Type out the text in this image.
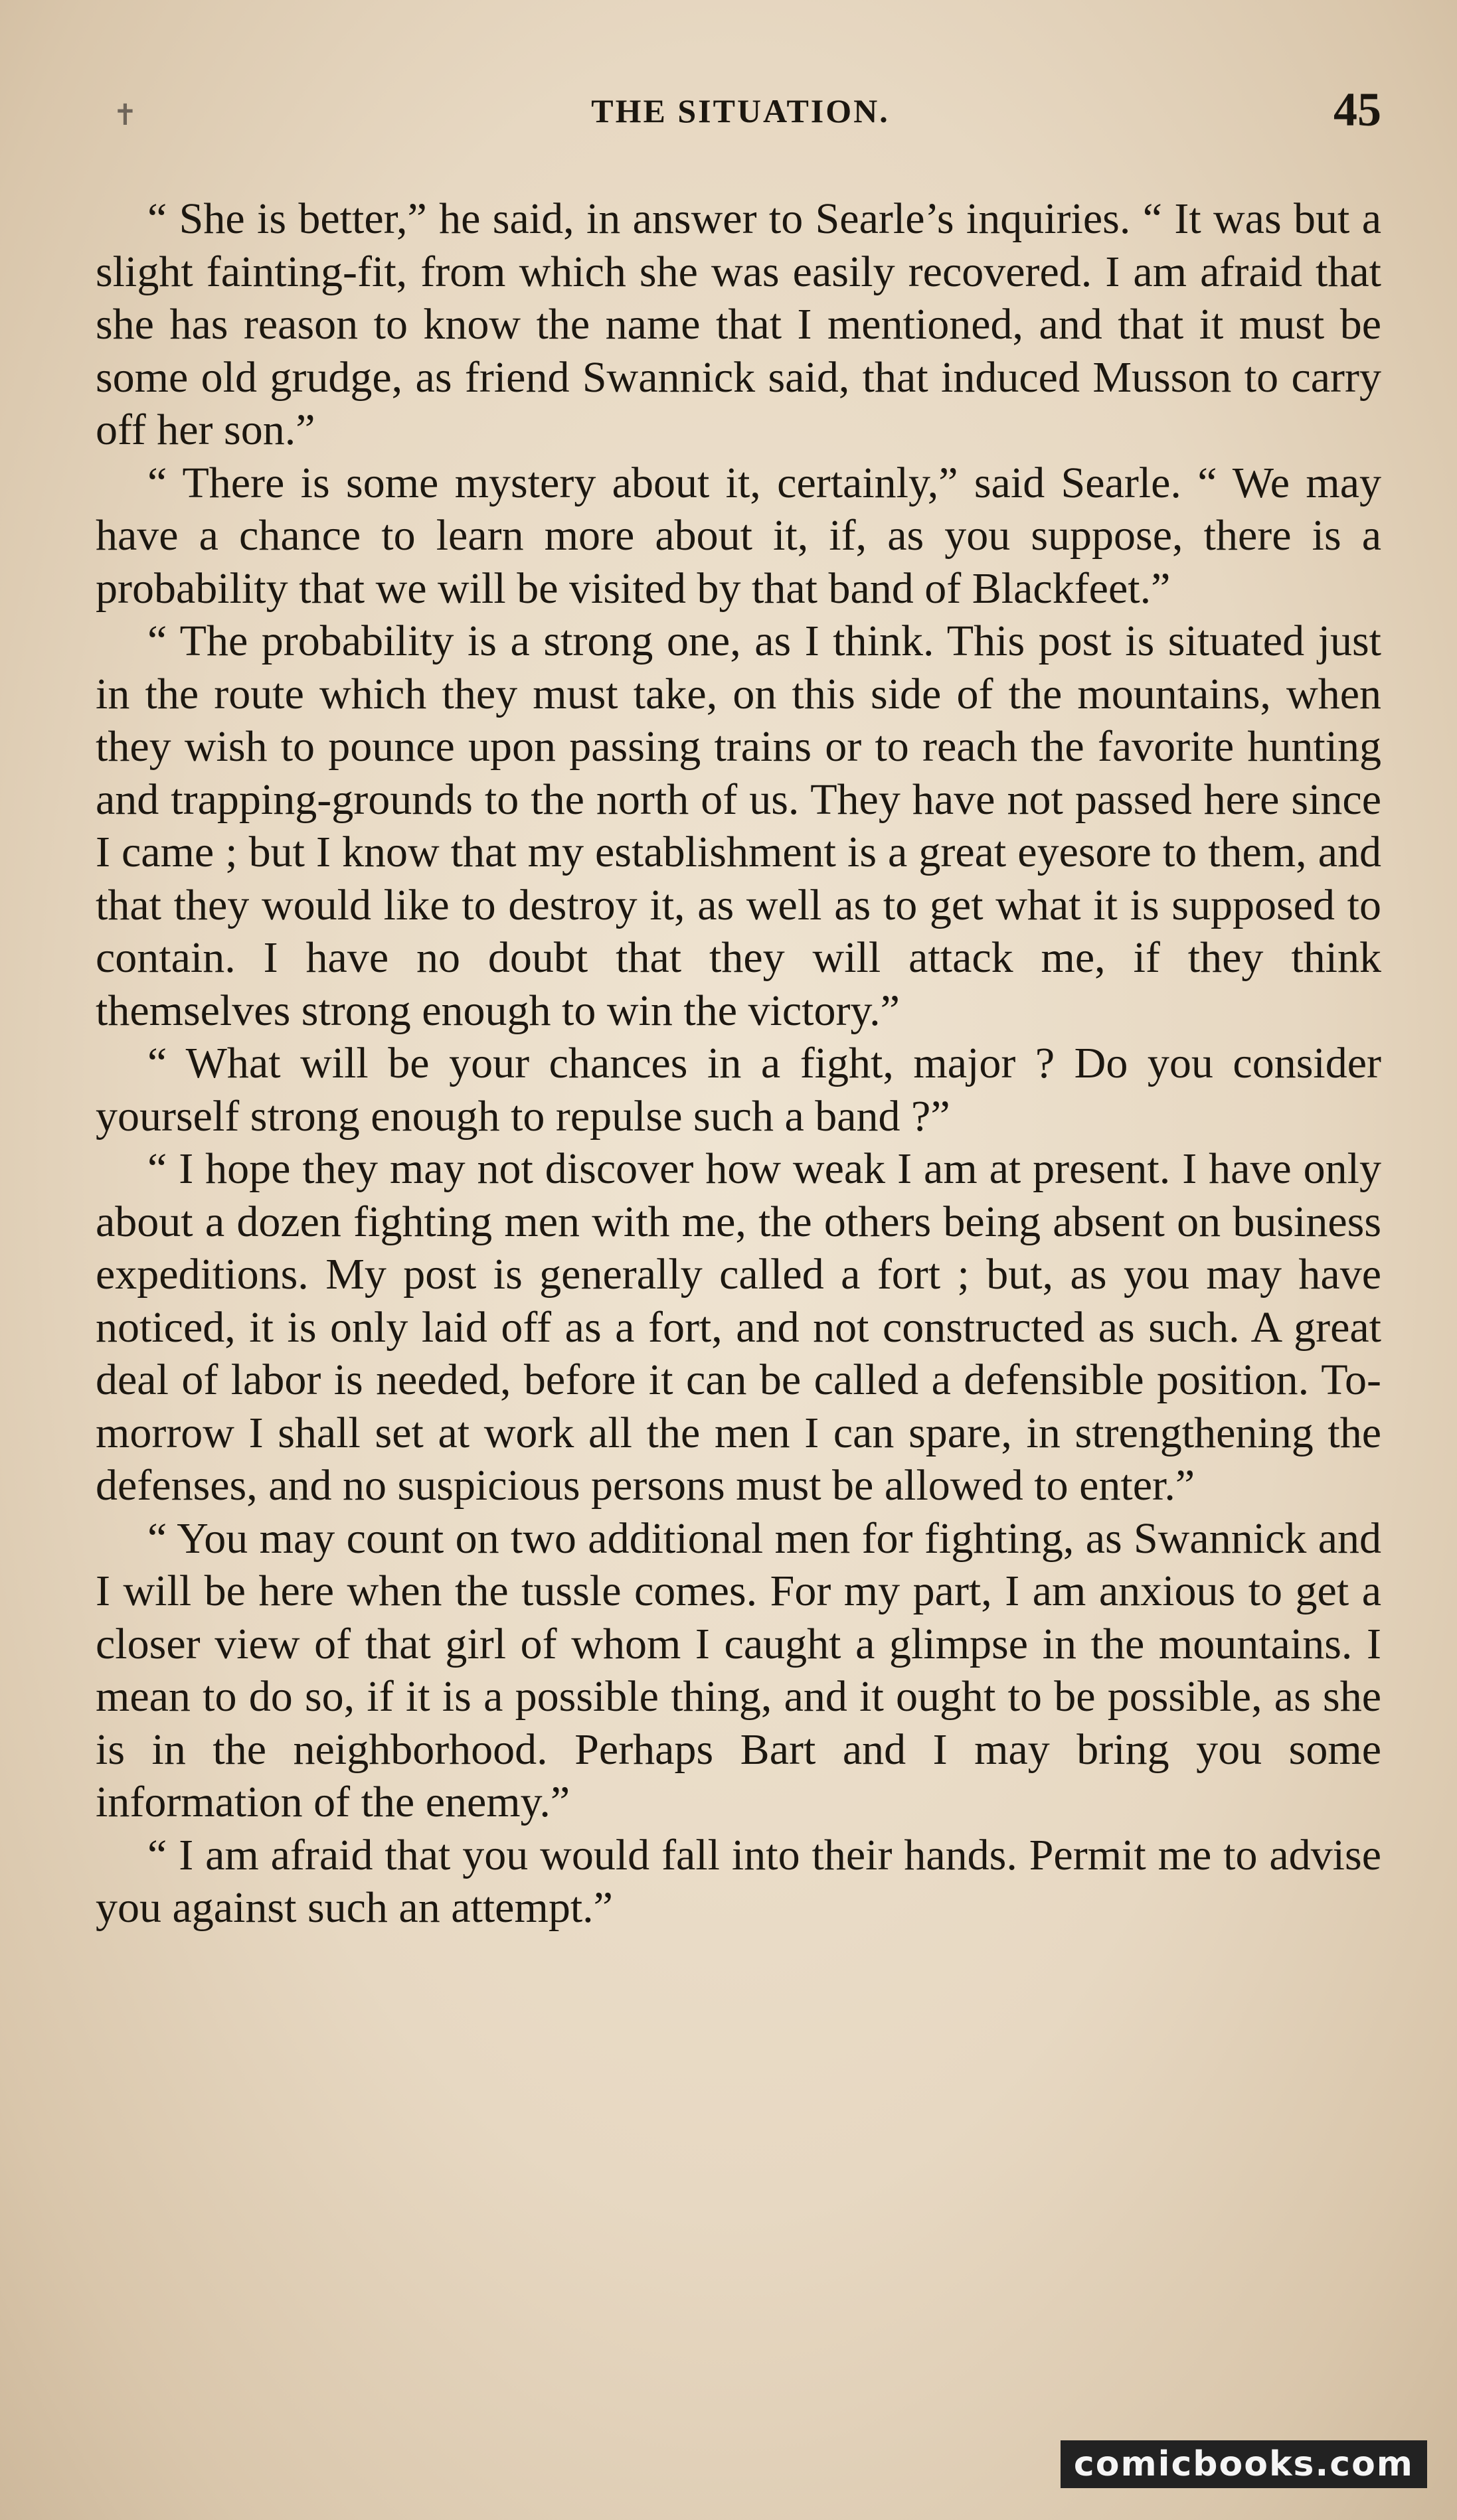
✝	THE SITUATION.	45

“ She is better,” he said, in answer to Searle’s inquiries. “ It was but a slight fainting-fit, from which she was easily recovered. I am afraid that she has reason to know the name that I mentioned, and that it must be some old grudge, as friend Swannick said, that induced Musson to carry off her son.”

“ There is some mystery about it, certainly,” said Searle. “ We may have a chance to learn more about it, if, as you suppose, there is a probability that we will be visited by that band of Blackfeet.”

“ The probability is a strong one, as I think. This post is situated just in the route which they must take, on this side of the mountains, when they wish to pounce upon passing trains or to reach the favorite hunting and trapping-grounds to the north of us. They have not passed here since I came ; but I know that my establishment is a great eyesore to them, and that they would like to destroy it, as well as to get what it is supposed to contain. I have no doubt that they will attack me, if they think themselves strong enough to win the victory.”

“ What will be your chances in a fight, major ? Do you consider yourself strong enough to repulse such a band ?”

“ I hope they may not discover how weak I am at present. I have only about a dozen fighting men with me, the others being absent on business expeditions. My post is generally called a fort ; but, as you may have noticed, it is only laid off as a fort, and not constructed as such. A great deal of labor is needed, before it can be called a defensible position. To-morrow I shall set at work all the men I can spare, in strengthening the defenses, and no suspicious persons must be allowed to enter.”

“ You may count on two additional men for fighting, as Swannick and I will be here when the tussle comes. For my part, I am anxious to get a closer view of that girl of whom I caught a glimpse in the mountains. I mean to do so, if it is a possible thing, and it ought to be possible, as she is in the neighborhood. Perhaps Bart and I may bring you some information of the enemy.”

“ I am afraid that you would fall into their hands. Permit me to advise you against such an attempt.”

comicbooks.com
